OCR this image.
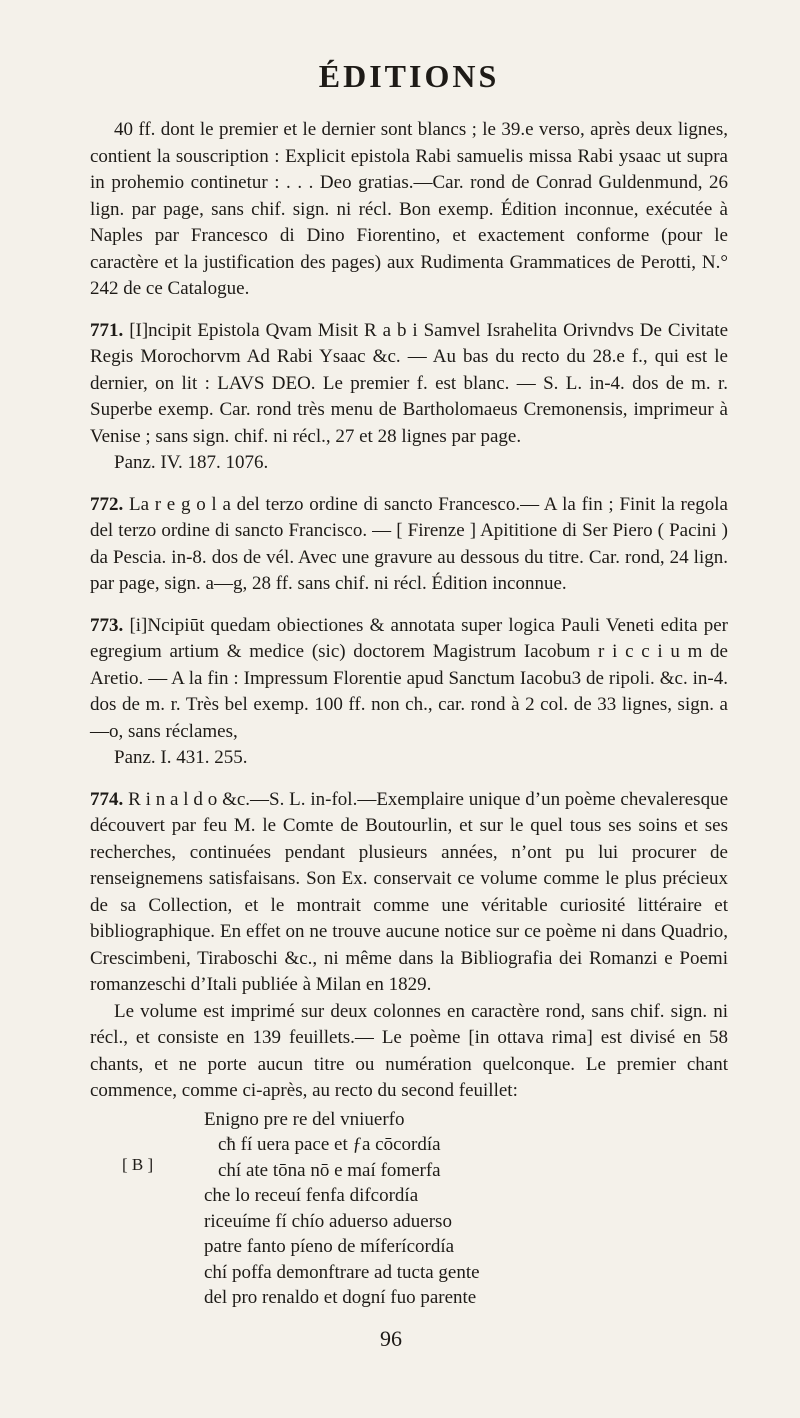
ÉDITIONS

40 ff. dont le premier et le dernier sont blancs ; le 39.e verso, après deux lignes, contient la souscription : Explicit epistola Rabi samuelis missa Rabi ysaac ut supra in prohemio continetur : . . . Deo gratias.—Car. rond de Conrad Guldenmund, 26 lign. par page, sans chif. sign. ni récl. Bon exemp. Édition inconnue, exécutée à Naples par Francesco di Dino Fiorentino, et exactement conforme (pour le caractère et la justification des pages) aux Rudimenta Grammatices de Perotti, N.° 242 de ce Catalogue.

771. [I]ncipit Epistola Qvam Misit R a b i Samvel Israhelita Orivndvs De Civitate Regis Morochorvm Ad Rabi Ysaac &c. — Au bas du recto du 28.e f., qui est le dernier, on lit : LAVS DEO. Le premier f. est blanc. — S. L. in-4. dos de m. r. Superbe exemp. Car. rond très menu de Bartholomaeus Cremonensis, imprimeur à Venise ; sans sign. chif. ni récl., 27 et 28 lignes par page.

Panz. IV. 187. 1076.

772. La r e g o l a del terzo ordine di sancto Francesco.— A la fin ; Finit la regola del terzo ordine di sancto Francisco. — [ Firenze ] Apititione di Ser Piero ( Pacini ) da Pescia. in-8. dos de vél. Avec une gravure au dessous du titre. Car. rond, 24 lign. par page, sign. a—g, 28 ff. sans chif. ni récl. Édition inconnue.

773. [i]Ncipiūt quedam obiectiones & annotata super logica Pauli Veneti edita per egregium artium & medice (sic) doctorem Magistrum Iacobum r i c c i u m de Aretio. — A la fin : Impressum Florentie apud Sanctum Iacobu3 de ripoli. &c. in-4. dos de m. r. Très bel exemp. 100 ff. non ch., car. rond à 2 col. de 33 lignes, sign. a—o, sans réclames,

Panz. I. 431. 255.

774. R i n a l d o &c.—S. L. in-fol.—Exemplaire unique d’un poème chevaleresque découvert par feu M. le Comte de Boutourlin, et sur le quel tous ses soins et ses recherches, continuées pendant plusieurs années, n’ont pu lui procurer de renseignemens satisfaisans. Son Ex. conservait ce volume comme le plus précieux de sa Collection, et le montrait comme une véritable curiosité littéraire et bibliographique. En effet on ne trouve aucune notice sur ce poème ni dans Quadrio, Crescimbeni, Tiraboschi &c., ni même dans la Bibliografia dei Romanzi e Poemi romanzeschi d’Itali publiée à Milan en 1829.

Le volume est imprimé sur deux colonnes en caractère rond, sans chif. sign. ni récl., et consiste en 139 feuillets.— Le poème [in ottava rima] est divisé en 58 chants, et ne porte aucun titre ou numération quelconque. Le premier chant commence, comme ci-après, au recto du second feuillet:

[ B ]
Enigno pre re del vniuerfo
cħ fí uera pace et ƒa cōcordía
chí ate tōna nō e maí fomerfa
che lo receuí fenfa difcordía
riceuíme fí chío aduerso aduerso
patre fanto píeno de míferícordía
chí poffa demonftrare ad tucta gente
del pro renaldo et dogní fuo parente
96
